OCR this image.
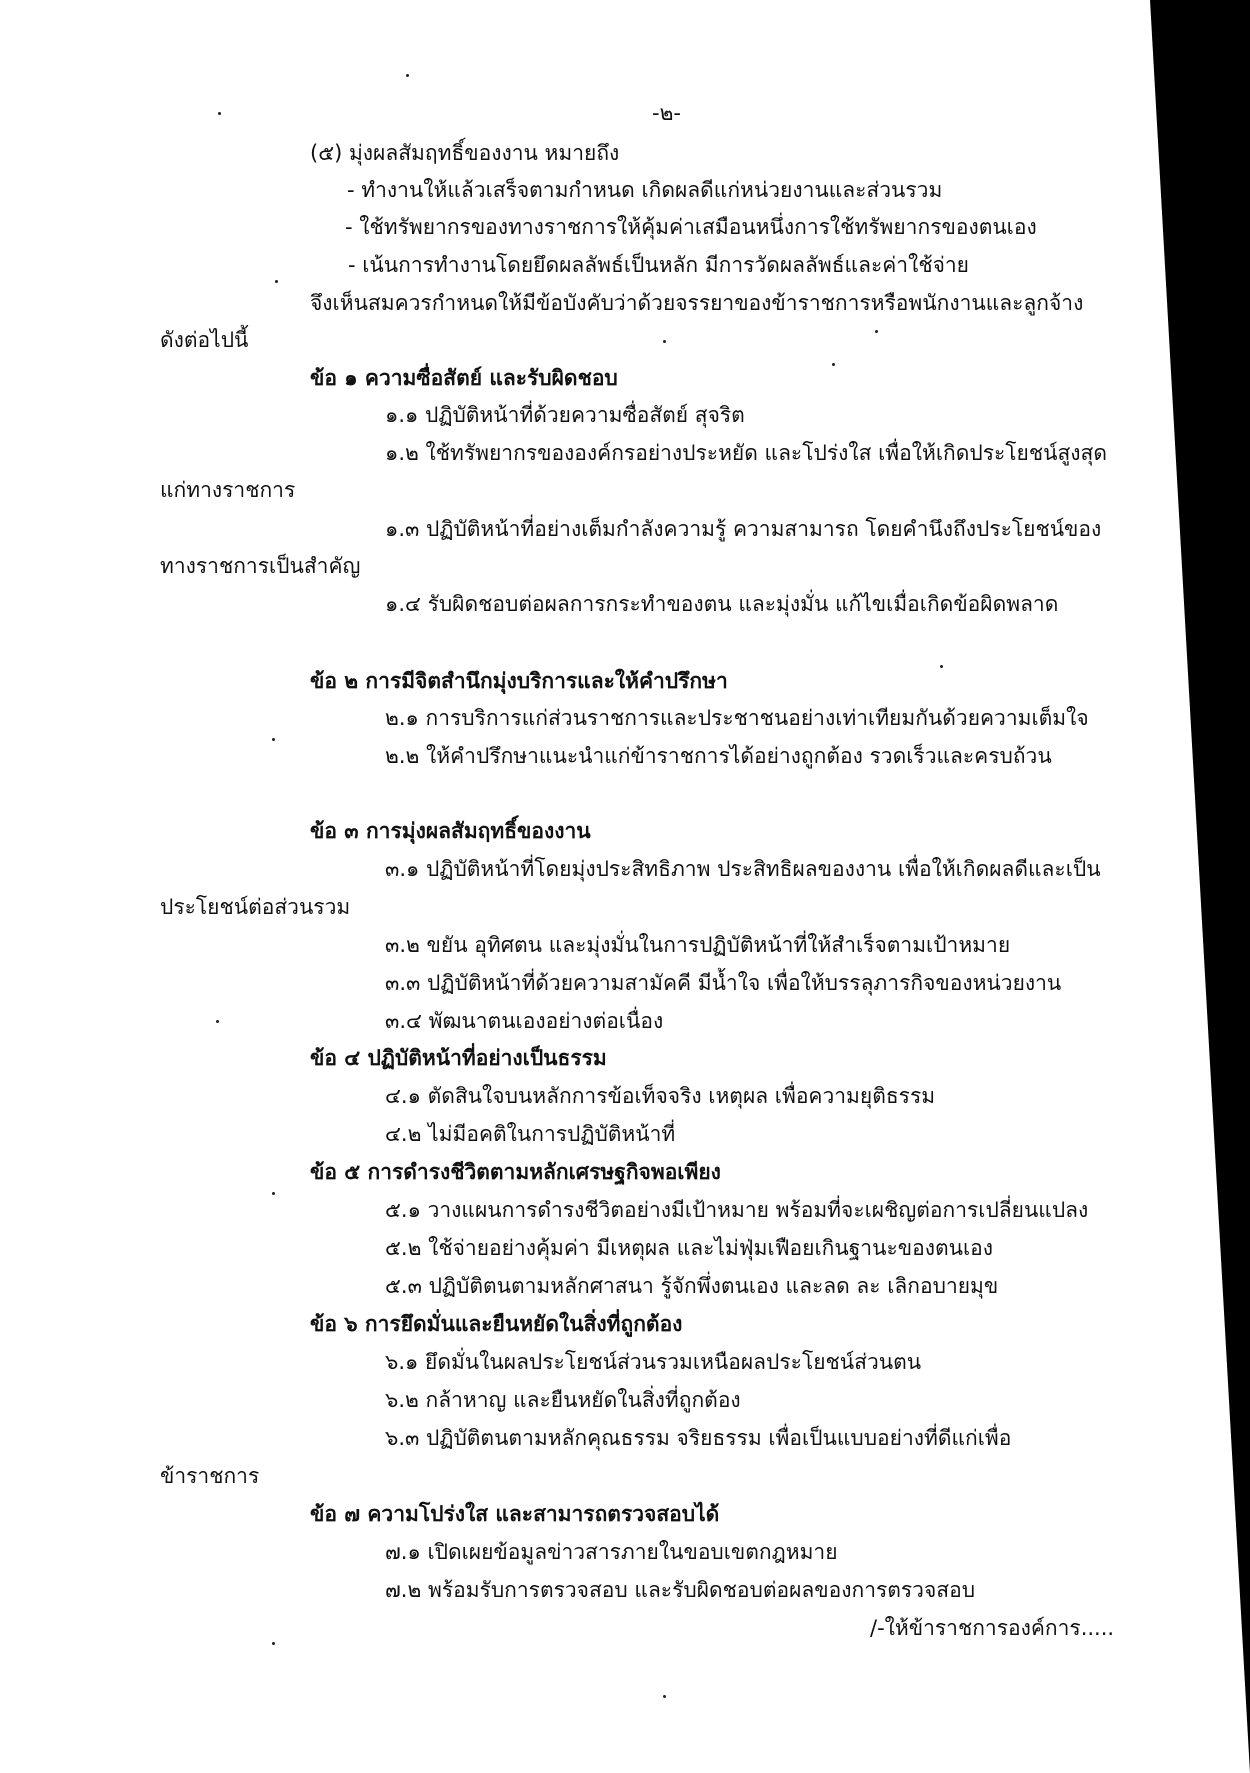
-๒-
(๕) มุ่งผลสัมฤทธิ์ของงาน หมายถึง
- ทำงานให้แล้วเสร็จตามกำหนด เกิดผลดีแก่หน่วยงานและส่วนรวม
- ใช้ทรัพยากรของทางราชการให้คุ้มค่าเสมือนหนึ่งการใช้ทรัพยากรของตนเอง
- เน้นการทำงานโดยยึดผลลัพธ์เป็นหลัก มีการวัดผลลัพธ์และค่าใช้จ่าย
จึงเห็นสมควรกำหนดให้มีข้อบังคับว่าด้วยจรรยาของข้าราชการหรือพนักงานและลูกจ้าง
ดังต่อไปนี้
ข้อ ๑ ความซื่อสัตย์ และรับผิดชอบ
๑.๑ ปฏิบัติหน้าที่ด้วยความซื่อสัตย์ สุจริต
๑.๒ ใช้ทรัพยากรขององค์กรอย่างประหยัด และโปร่งใส เพื่อให้เกิดประโยชน์สูงสุด
แก่ทางราชการ
๑.๓ ปฏิบัติหน้าที่อย่างเต็มกำลังความรู้ ความสามารถ โดยคำนึงถึงประโยชน์ของ
ทางราชการเป็นสำคัญ
๑.๔ รับผิดชอบต่อผลการกระทำของตน และมุ่งมั่น แก้ไขเมื่อเกิดข้อผิดพลาด
ข้อ ๒ การมีจิตสำนึกมุ่งบริการและให้คำปรึกษา
๒.๑ การบริการแก่ส่วนราชการและประชาชนอย่างเท่าเทียมกันด้วยความเต็มใจ
๒.๒ ให้คำปรึกษาแนะนำแก่ข้าราชการได้อย่างถูกต้อง รวดเร็วและครบถ้วน
ข้อ ๓ การมุ่งผลสัมฤทธิ์ของงาน
๓.๑ ปฏิบัติหน้าที่โดยมุ่งประสิทธิภาพ ประสิทธิผลของงาน เพื่อให้เกิดผลดีและเป็น
ประโยชน์ต่อส่วนรวม
๓.๒ ขยัน อุทิศตน และมุ่งมั่นในการปฏิบัติหน้าที่ให้สำเร็จตามเป้าหมาย
๓.๓ ปฏิบัติหน้าที่ด้วยความสามัคคี มีน้ำใจ เพื่อให้บรรลุภารกิจของหน่วยงาน
๓.๔ พัฒนาตนเองอย่างต่อเนื่อง
ข้อ ๔ ปฏิบัติหน้าที่อย่างเป็นธรรม
๔.๑ ตัดสินใจบนหลักการข้อเท็จจริง เหตุผล เพื่อความยุติธรรม
๔.๒ ไม่มีอคติในการปฏิบัติหน้าที่
ข้อ ๕ การดำรงชีวิตตามหลักเศรษฐกิจพอเพียง
๕.๑ วางแผนการดำรงชีวิตอย่างมีเป้าหมาย พร้อมที่จะเผชิญต่อการเปลี่ยนแปลง
๕.๒ ใช้จ่ายอย่างคุ้มค่า มีเหตุผล และไม่ฟุ่มเฟือยเกินฐานะของตนเอง
๕.๓ ปฏิบัติตนตามหลักศาสนา รู้จักพึ่งตนเอง และลด ละ เลิกอบายมุข
ข้อ ๖ การยึดมั่นและยืนหยัดในสิ่งที่ถูกต้อง
๖.๑ ยึดมั่นในผลประโยชน์ส่วนรวมเหนือผลประโยชน์ส่วนตน
๖.๒ กล้าหาญ และยืนหยัดในสิ่งที่ถูกต้อง
๖.๓ ปฏิบัติตนตามหลักคุณธรรม จริยธรรม เพื่อเป็นแบบอย่างที่ดีแก่เพื่อ
ข้าราชการ
ข้อ ๗ ความโปร่งใส และสามารถตรวจสอบได้
๗.๑ เปิดเผยข้อมูลข่าวสารภายในขอบเขตกฎหมาย
๗.๒ พร้อมรับการตรวจสอบ และรับผิดชอบต่อผลของการตรวจสอบ
/-ให้ข้าราชการองค์การ.....
